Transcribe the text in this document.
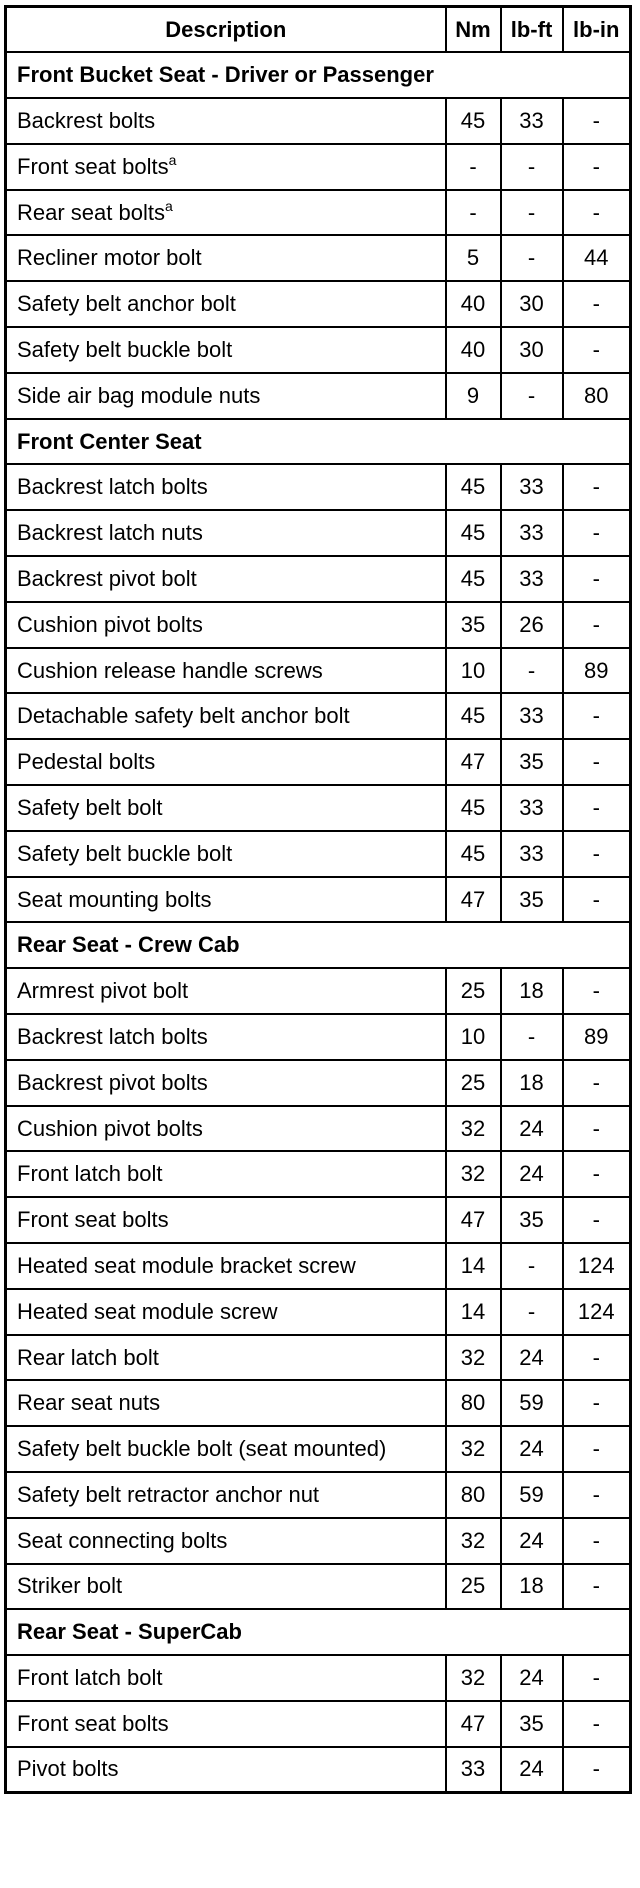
Description	Nm	lb-ft	lb-in
Front Bucket Seat - Driver or Passenger			
Backrest bolts	45	33	-
Front seat bolts$^a$	-	-	-
Rear seat bolts$^a$	-	-	-
Recliner motor bolt	5	-	44
Safety belt anchor bolt	40	30	-
Safety belt buckle bolt	40	30	-
Side air bag module nuts	9	-	80
Front Center Seat			
Backrest latch bolts	45	33	-
Backrest latch nuts	45	33	-
Backrest pivot bolt	45	33	-
Cushion pivot bolts	35	26	-
Cushion release handle screws	10	-	89
Detachable safety belt anchor bolt	45	33	-
Pedestal bolts	47	35	-
Safety belt bolt	45	33	-
Safety belt buckle bolt	45	33	-
Seat mounting bolts	47	35	-
Rear Seat - Crew Cab			
Armrest pivot bolt	25	18	-
Backrest latch bolts	10	-	89
Backrest pivot bolts	25	18	-
Cushion pivot bolts	32	24	-
Front latch bolt	32	24	-
Front seat bolts	47	35	-
Heated seat module bracket screw	14	-	124
Heated seat module screw	14	-	124
Rear latch bolt	32	24	-
Rear seat nuts	80	59	-
Safety belt buckle bolt (seat mounted)	32	24	-
Safety belt retractor anchor nut	80	59	-
Seat connecting bolts	32	24	-
Striker bolt	25	18	-
Rear Seat - SuperCab			
Front latch bolt	32	24	-
Front seat bolts	47	35	-
Pivot bolts	33	24	-
